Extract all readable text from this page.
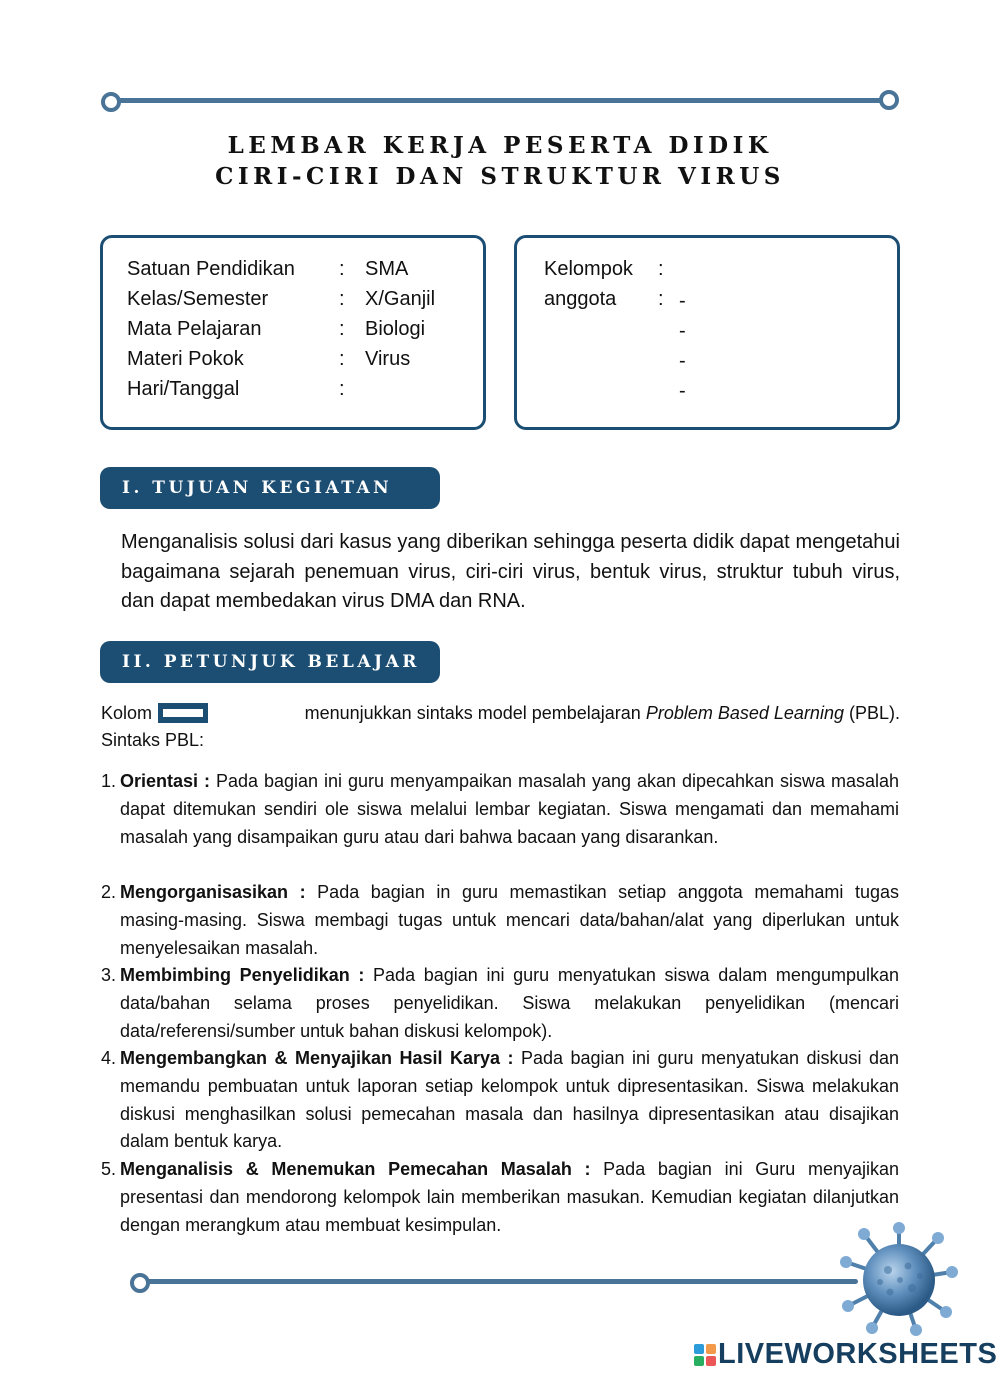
LEMBAR KERJA PESERTA DIDIK
CIRI-CIRI DAN STRUKTUR VIRUS
Satuan Pendidikan : SMA
Kelas/Semester	: X/Ganjil
Mata Pelajaran	: Biologi
Materi Pokok	: Virus
Hari/Tanggal	:
Kelompok :
anggota : -
-
-
-
I. TUJUAN KEGIATAN
Menganalisis solusi dari kasus yang diberikan sehingga peserta didik dapat mengetahui bagaimana sejarah penemuan virus, ciri-ciri virus, bentuk virus, struktur tubuh virus, dan dapat membedakan virus DMA dan RNA.
II. PETUNJUK BELAJAR
Kolom	menunjukkan sintaks model pembelajaran Problem Based Learning (PBL).
Sintaks PBL:
1. Orientasi : Pada bagian ini guru menyampaikan masalah yang akan dipecahkan siswa masalah dapat ditemukan sendiri ole siswa melalui lembar kegiatan. Siswa mengamati dan memahami masalah yang disampaikan guru atau dari bahwa bacaan yang disarankan.
2. Mengorganisasikan : Pada bagian in guru memastikan setiap anggota memahami tugas masing-masing. Siswa membagi tugas untuk mencari data/bahan/alat yang diperlukan untuk menyelesaikan masalah.
3. Membimbing Penyelidikan : Pada bagian ini guru menyatukan siswa dalam mengumpulkan data/bahan selama proses penyelidikan. Siswa melakukan penyelidikan (mencari data/referensi/sumber untuk bahan diskusi kelompok).
4. Mengembangkan & Menyajikan Hasil Karya : Pada bagian ini guru menyatukan diskusi dan memandu pembuatan untuk laporan setiap kelompok untuk dipresentasikan. Siswa melakukan diskusi menghasilkan solusi pemecahan masala dan hasilnya dipresentasikan atau disajikan dalam bentuk karya.
5. Menganalisis & Menemukan Pemecahan Masalah : Pada bagian ini Guru menyajikan presentasi dan mendorong kelompok lain memberikan masukan. Kemudian kegiatan dilanjutkan dengan merangkum atau membuat kesimpulan.
LIVEWORKSHEETS
